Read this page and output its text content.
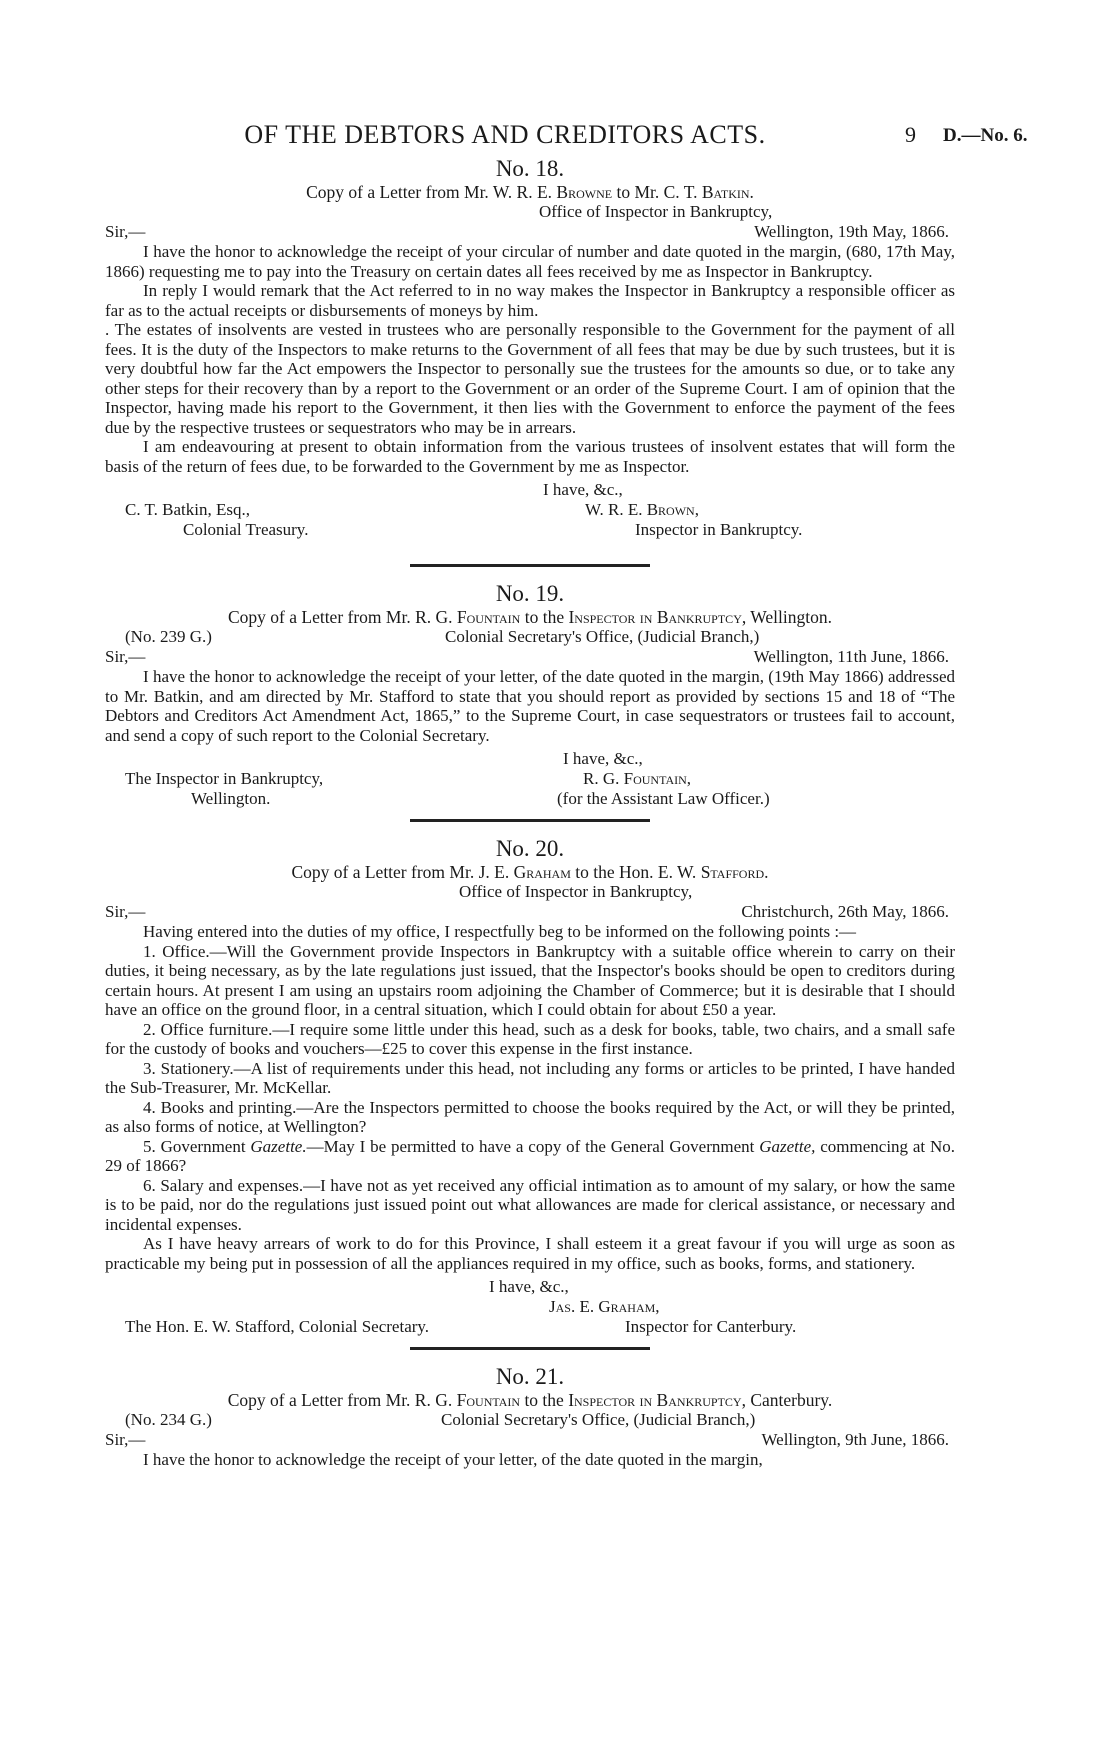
OF THE DEBTORS AND CREDITORS ACTS.	9 D.—No. 6.
No. 18.
Copy of a Letter from Mr. W. R. E. Browne to Mr. C. T. Batkin.
Office of Inspector in Bankruptcy,
Sir,—	Wellington, 19th May, 1866.

I have the honor to acknowledge the receipt of your circular of number and date quoted in the margin, (680, 17th May, 1866) requesting me to pay into the Treasury on certain dates all fees received by me as Inspector in Bankruptcy.

In reply I would remark that the Act referred to in no way makes the Inspector in Bankruptcy a responsible officer as far as to the actual receipts or disbursements of moneys by him.

. The estates of insolvents are vested in trustees who are personally responsible to the Government for the payment of all fees. It is the duty of the Inspectors to make returns to the Government of all fees that may be due by such trustees, but it is very doubtful how far the Act empowers the Inspector to personally sue the trustees for the amounts so due, or to take any other steps for their recovery than by a report to the Government or an order of the Supreme Court. I am of opinion that the Inspector, having made his report to the Government, it then lies with the Government to enforce the payment of the fees due by the respective trustees or sequestrators who may be in arrears.

I am endeavouring at present to obtain information from the various trustees of insolvent estates that will form the basis of the return of fees due, to be forwarded to the Government by me as Inspector.

I have, &c.,
C. T. Batkin, Esq.,	W. R. E. Brown,
Colonial Treasury.	Inspector in Bankruptcy.
No. 19.
Copy of a Letter from Mr. R. G. Fountain to the Inspector in Bankruptcy, Wellington.
(No. 239 G.)	Colonial Secretary's Office, (Judicial Branch,)
Sir,—	Wellington, 11th June, 1866.

I have the honor to acknowledge the receipt of your letter, of the date quoted in the margin, (19th May 1866) addressed to Mr. Batkin, and am directed by Mr. Stafford to state that you should report as provided by sections 15 and 18 of “The Debtors and Creditors Act Amendment Act, 1865,” to the Supreme Court, in case sequestrators or trustees fail to account, and send a copy of such report to the Colonial Secretary.

I have, &c.,
The Inspector in Bankruptcy,	R. G. Fountain,
Wellington.	(for the Assistant Law Officer.)
No. 20.
Copy of a Letter from Mr. J. E. Graham to the Hon. E. W. Stafford.
Office of Inspector in Bankruptcy,
Sir,—	Christchurch, 26th May, 1866.

Having entered into the duties of my office, I respectfully beg to be informed on the following points :—

1. Office.—Will the Government provide Inspectors in Bankruptcy with a suitable office wherein to carry on their duties, it being necessary, as by the late regulations just issued, that the Inspector's books should be open to creditors during certain hours. At present I am using an upstairs room adjoining the Chamber of Commerce; but it is desirable that I should have an office on the ground floor, in a central situation, which I could obtain for about £50 a year.

2. Office furniture.—I require some little under this head, such as a desk for books, table, two chairs, and a small safe for the custody of books and vouchers—£25 to cover this expense in the first instance.

3. Stationery.—A list of requirements under this head, not including any forms or articles to be printed, I have handed the Sub-Treasurer, Mr. McKellar.

4. Books and printing.—Are the Inspectors permitted to choose the books required by the Act, or will they be printed, as also forms of notice, at Wellington?

5. Government Gazette.—May I be permitted to have a copy of the General Government Gazette, commencing at No. 29 of 1866?

6. Salary and expenses.—I have not as yet received any official intimation as to amount of my salary, or how the same is to be paid, nor do the regulations just issued point out what allowances are made for clerical assistance, or necessary and incidental expenses.

As I have heavy arrears of work to do for this Province, I shall esteem it a great favour if you will urge as soon as practicable my being put in possession of all the appliances required in my office, such as books, forms, and stationery.

I have, &c.,
Jas. E. Graham,
The Hon. E. W. Stafford, Colonial Secretary.	Inspector for Canterbury.
No. 21.
Copy of a Letter from Mr. R. G. Fountain to the Inspector in Bankruptcy, Canterbury.
(No. 234 G.)	Colonial Secretary's Office, (Judicial Branch,)
Sir,—	Wellington, 9th June, 1866.

I have the honor to acknowledge the receipt of your letter, of the date quoted in the margin,
